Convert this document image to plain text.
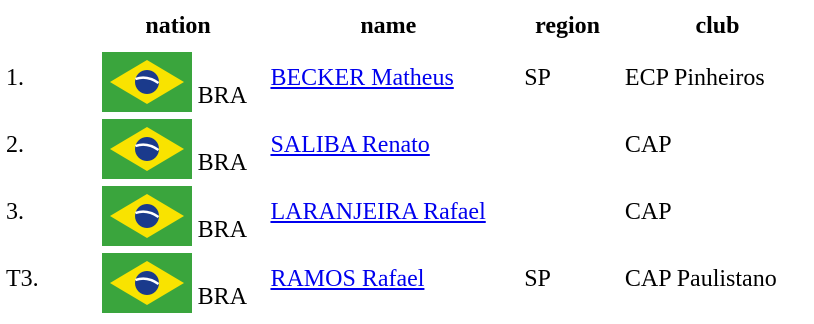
	nation	name	region	club
1.	BRA	BECKER Matheus	SP	ECP Pinheiros
2.	BRA	SALIBA Renato		CAP
3.	BRA	LARANJEIRA Rafael		CAP
T3.	BRA	RAMOS Rafael	SP	CAP Paulistano
